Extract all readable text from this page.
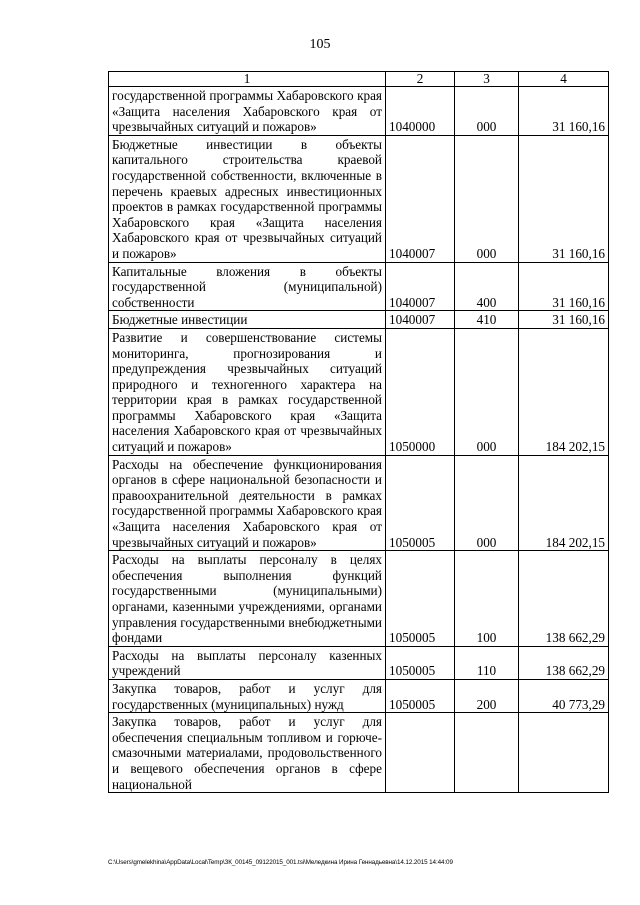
105
1	2	3	4
государственной программы Хабаровского края «Защита населения Хабаровского края от чрезвычайных ситуаций и пожаров»	1040000	000	31 160,16
Бюджетные инвестиции в объекты капитального строительства краевой государственной собственности, включенные в перечень краевых адресных инвестиционных проектов в рамках государственной программы Хабаровского края «Защита населения Хабаровского края от чрезвычайных ситуаций и пожаров»	1040007	000	31 160,16
Капитальные вложения в объекты государственной (муниципальной) собственности	1040007	400	31 160,16
Бюджетные инвестиции	1040007	410	31 160,16
Развитие и совершенствование системы мониторинга, прогнозирования и предупреждения чрезвычайных ситуаций природного и техногенного характера на территории края в рамках государственной программы Хабаровского края «Защита населения Хабаровского края от чрезвычайных ситуаций и пожаров»	1050000	000	184 202,15
Расходы на обеспечение функционирования органов в сфере национальной безопасности и правоохранительной деятельности в рамках государственной программы Хабаровского края «Защита населения Хабаровского края от чрезвычайных ситуаций и пожаров»	1050005	000	184 202,15
Расходы на выплаты персоналу в целях обеспечения выполнения функций государственными (муниципальными) органами, казенными учреждениями, органами управления государственными внебюджетными фондами	1050005	100	138 662,29
Расходы на выплаты персоналу казенных учреждений	1050005	110	138 662,29
Закупка товаров, работ и услуг для государственных (муниципальных) нужд	1050005	200	40 773,29
Закупка товаров, работ и услуг для обеспечения специальным топливом и горюче-смазочными материалами, продовольственного и вещевого обеспечения органов в сфере национальной			
C:\Users\gmelekhina\AppData\Local\Temp\ЗК_00145_09122015_001.tsi\Меледкина Ирина Геннадьевна\14.12.2015 14:44:09
